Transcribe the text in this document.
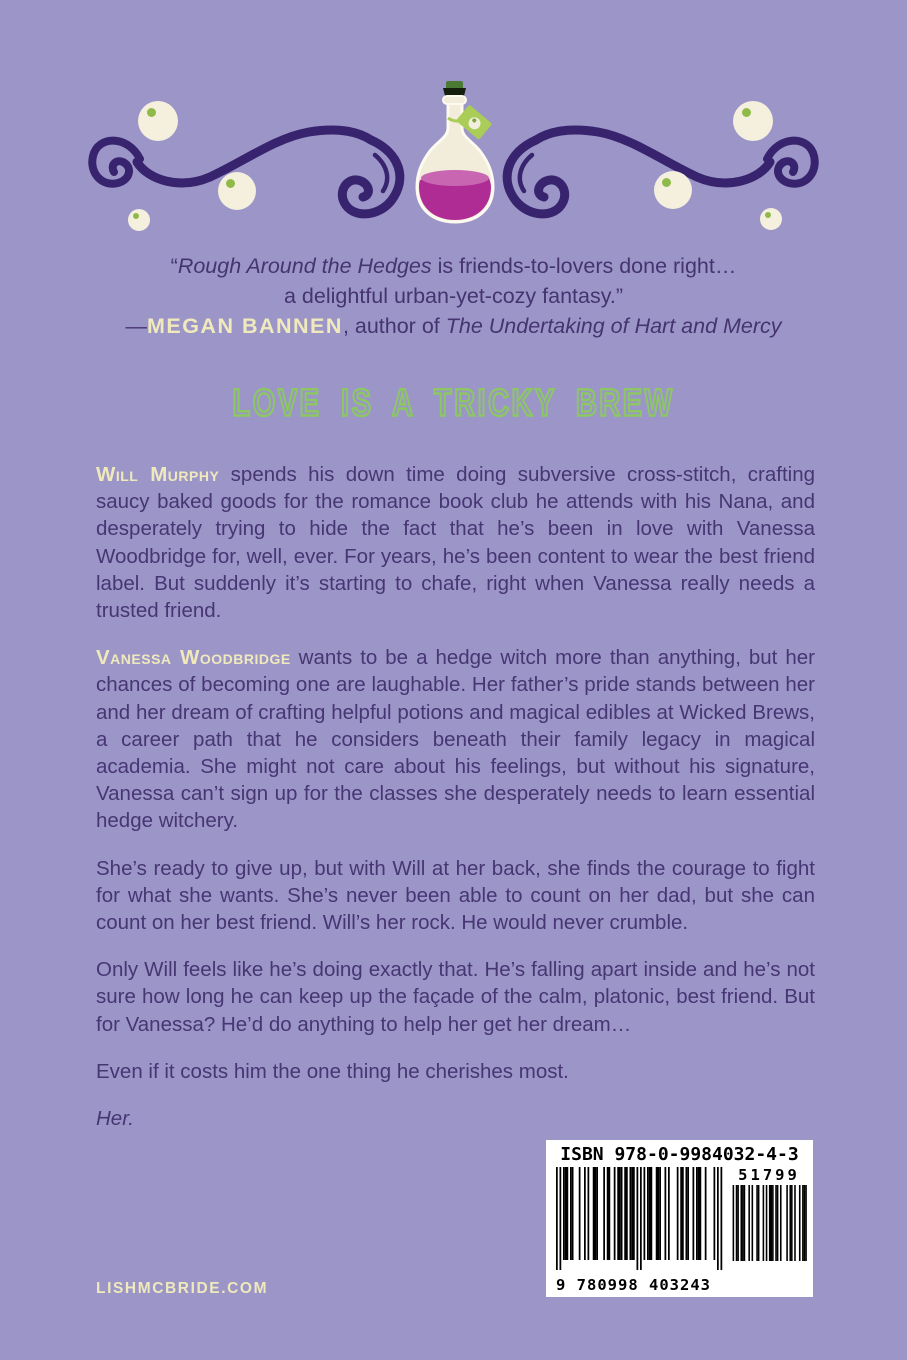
“Rough Around the Hedges is friends-to-lovers done right…
a delightful urban-yet-cozy fantasy.”
—MEGAN BANNEN, author of The Undertaking of Hart and Mercy
LOVE IS A TRICKY BREW

Will Murphy spends his down time doing subversive cross-stitch, crafting saucy baked goods for the romance book club he attends with his Nana, and desperately trying to hide the fact that he’s been in love with Vanessa Woodbridge for, well, ever. For years, he’s been content to wear the best friend label. But suddenly it’s starting to chafe, right when Vanessa really needs a trusted friend.

Vanessa Woodbridge wants to be a hedge witch more than anything, but her chances of becoming one are laughable. Her father’s pride stands between her and her dream of crafting helpful potions and magical edibles at Wicked Brews, a career path that he considers beneath their family legacy in magical academia. She might not care about his feelings, but without his signature, Vanessa can’t sign up for the classes she desperately needs to learn essential hedge witchery.

She’s ready to give up, but with Will at her back, she finds the courage to fight for what she wants. She’s never been able to count on her dad, but she can count on her best friend. Will’s her rock. He would never crumble.

Only Will feels like he’s doing exactly that. He’s falling apart inside and he’s not sure how long he can keep up the façade of the calm, platonic, best friend. But for Vanessa? He’d do anything to help her get her dream…

Even if it costs him the one thing he cherishes most.

Her.

ISBN 978-0-9984032-4-3
9 780998 403243
51799
LISHMCBRIDE.COM
